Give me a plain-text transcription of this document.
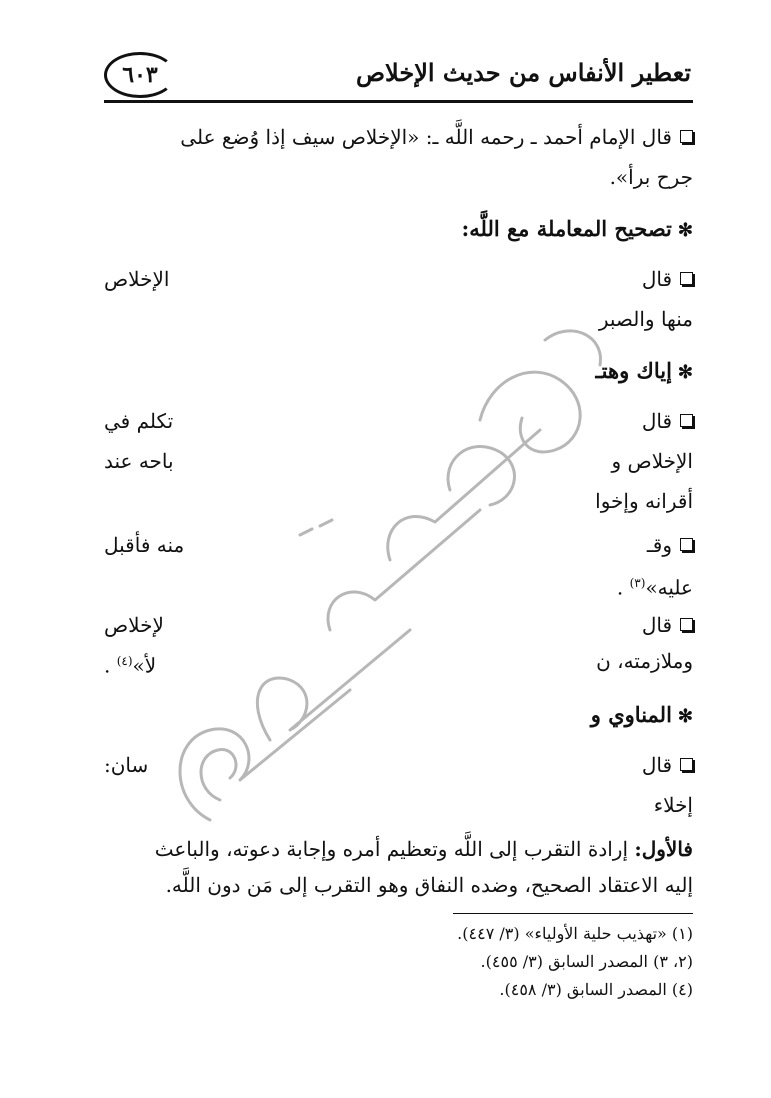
تعطير الأنفاس من حديث الإخلاص
٦٠٣
قال الإمام أحمد ـ رحمه اللَّه ـ: «الإخلاص سيف إذا وُضع على
جرح برأ».
✻تصحيح المعاملة مع اللَّه:
قال
الإخلاص
منها والصبر
✻إياك وهتـ
قال
تكلم في
الإخلاص و
باحه عند
أقرانه وإخوا
وقـ
منه فأقبل
عليه»$^{(٣)}$ .
قال
لإخلاص
وملازمته، ن
لأ»$^{(٤)}$ .
✻المناوي و
قال
سان:
إخلاء
فالأول: إرادة التقرب إلى اللَّه وتعظيم أمره وإجابة دعوته، والباعث
إليه الاعتقاد الصحيح، وضده النفاق وهو التقرب إلى مَن دون اللَّه.
وقف لله تعالى
(١) «تهذيب حلية الأولياء» (٣/ ٤٤٧).
(٢، ٣) المصدر السابق (٣/ ٤٥٥).
(٤) المصدر السابق (٣/ ٤٥٨).
